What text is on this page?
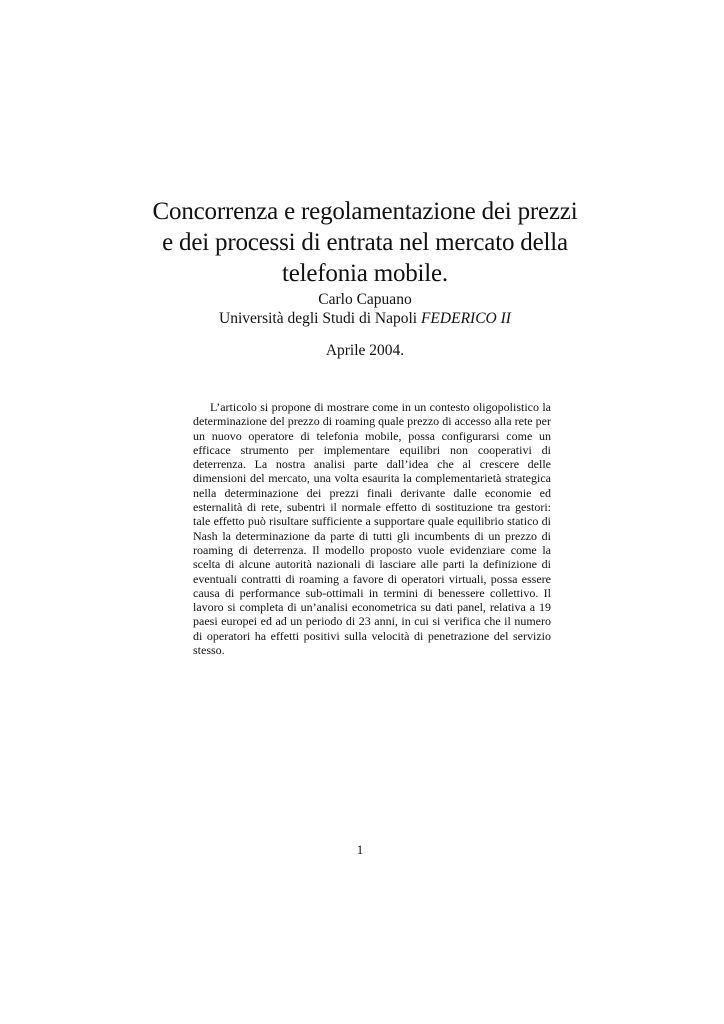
Concorrenza e regolamentazione dei prezzi e dei processi di entrata nel mercato della telefonia mobile.
Carlo Capuano
Università degli Studi di Napoli FEDERICO II
Aprile 2004.

L’articolo si propone di mostrare come in un contesto oligopolistico la determinazione del prezzo di roaming quale prezzo di accesso alla rete per un nuovo operatore di telefonia mobile, possa configurarsi come un efficace strumento per implementare equilibri non cooperativi di deterrenza. La nostra analisi parte dall’idea che al crescere delle dimensioni del mercato, una volta esaurita la complementarietà strategica nella determinazione dei prezzi finali derivante dalle economie ed esternalità di rete, subentri il normale effetto di sostituzione tra gestori: tale effetto può risultare sufficiente a supportare quale equilibrio statico di Nash la determinazione da parte di tutti gli incumbents di un prezzo di roaming di deterrenza. Il modello proposto vuole evidenziare come la scelta di alcune autorità nazionali di lasciare alle parti la definizione di eventuali contratti di roaming a favore di operatori virtuali, possa essere causa di performance sub-ottimali in termini di benessere collettivo. Il lavoro si completa di un’analisi econometrica su dati panel, relativa a 19 paesi europei ed ad un periodo di 23 anni, in cui si verifica che il numero di operatori ha effetti positivi sulla velocità di penetrazione del servizio stesso.

1
